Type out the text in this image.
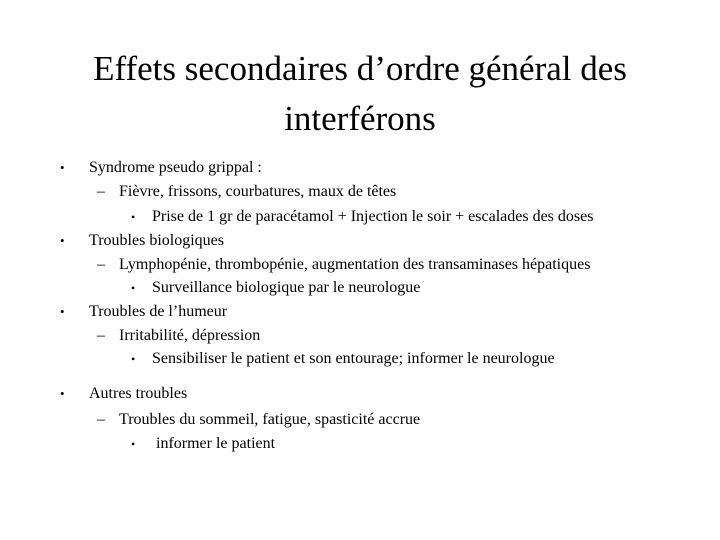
Effets secondaires d’ordre général des
interférons
• Syndrome pseudo grippal :
– Fièvre, frissons, courbatures, maux de têtes
• Prise de 1 gr de paracétamol + Injection le soir + escalades des doses
• Troubles biologiques
– Lymphopénie, thrombopénie, augmentation des transaminases hépatiques
• Surveillance biologique par le neurologue
• Troubles de l’humeur
– Irritabilité, dépression
• Sensibiliser le patient et son entourage; informer le neurologue
• Autres troubles
– Troubles du sommeil, fatigue, spasticité accrue
• informer le patient
